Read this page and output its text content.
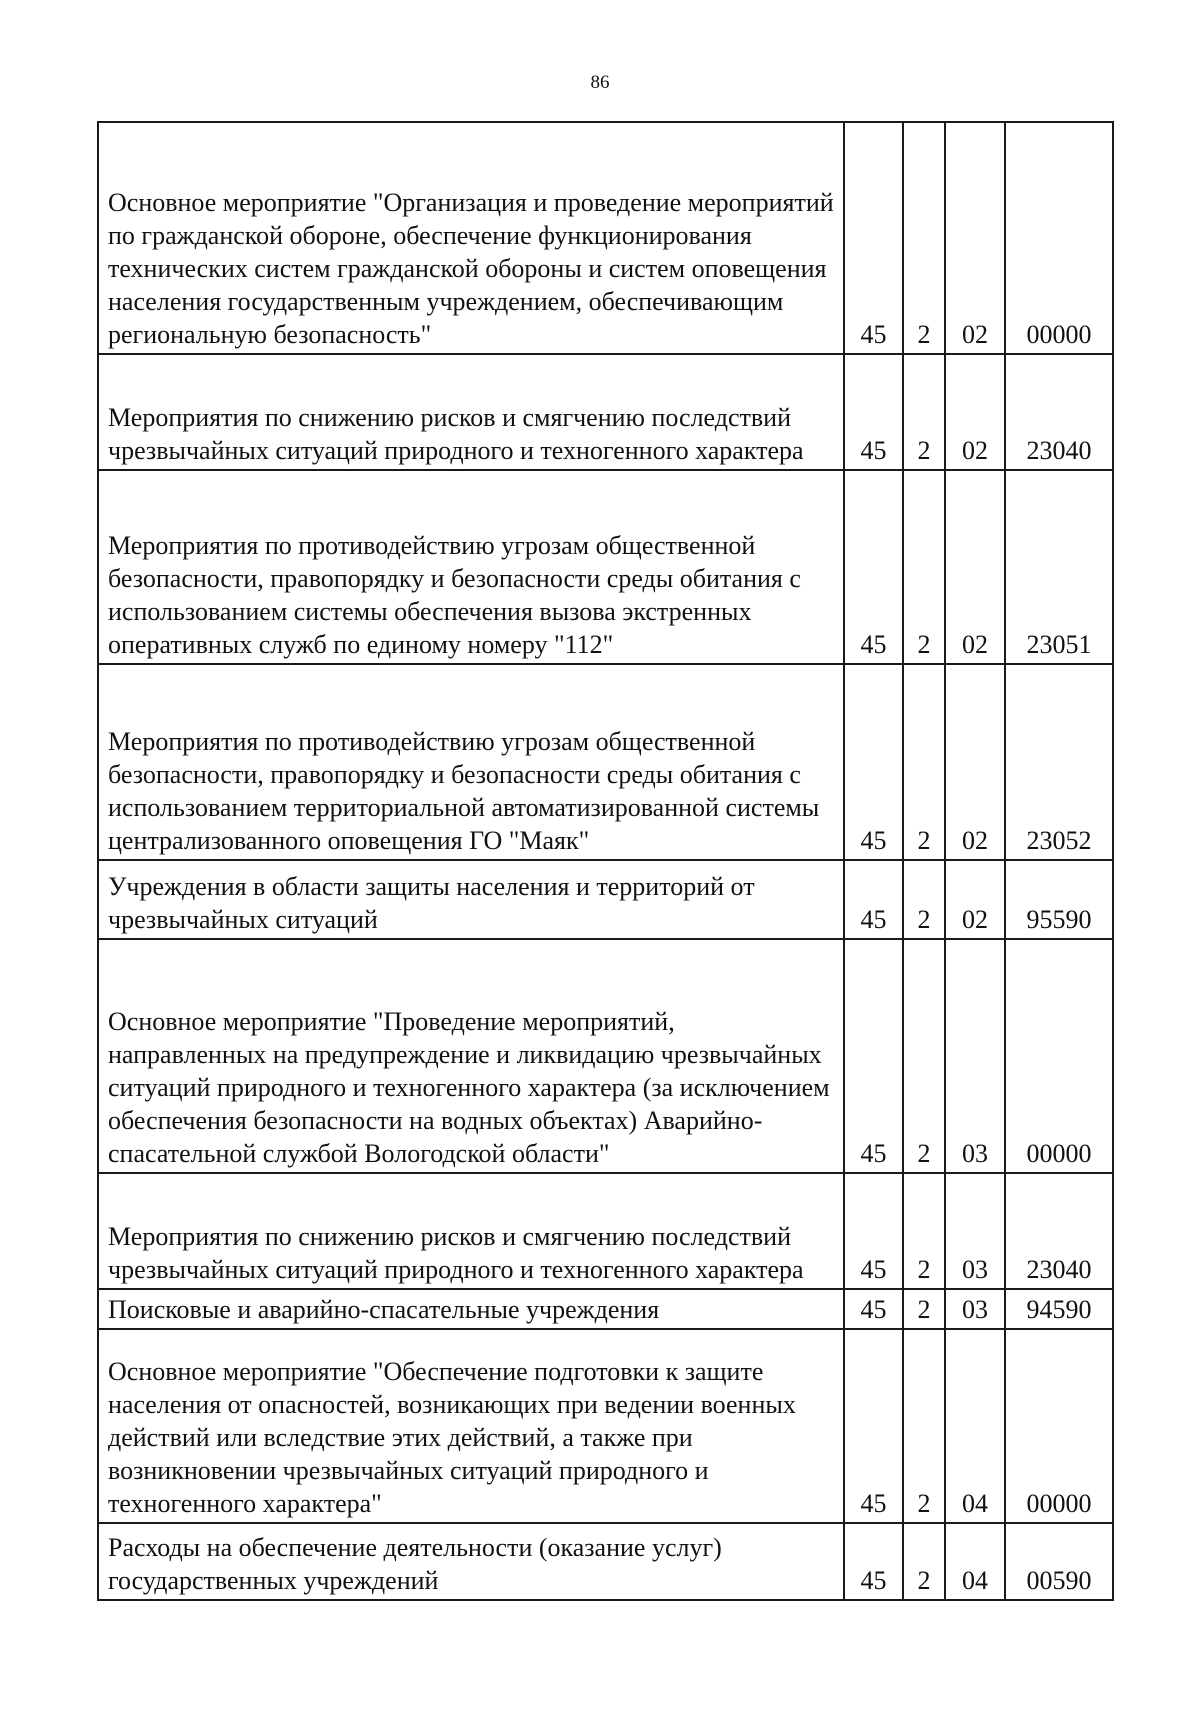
86
Основное мероприятие "Организация и проведение мероприятий по гражданской обороне, обеспечение функционирования технических систем гражданской обороны и систем оповещения населения государственным учреждением, обеспечивающим региональную безопасность"	45	2	02	00000

Мероприятия по снижению рисков и смягчению последствий чрезвычайных ситуаций природного и техногенного характера	45	2	02	23040

Мероприятия по противодействию угрозам общественной безопасности, правопорядку и безопасности среды обитания с использованием системы обеспечения вызова экстренных оперативных служб по единому номеру "112"	45	2	02	23051

Мероприятия по противодействию угрозам общественной безопасности, правопорядку и безопасности среды обитания с использованием территориальной автоматизированной системы централизованного оповещения ГО "Маяк"	45	2	02	23052

Учреждения в области защиты населения и территорий от чрезвычайных ситуаций	45	2	02	95590

Основное мероприятие "Проведение мероприятий, направленных на предупреждение и ликвидацию чрезвычайных ситуаций природного и техногенного характера (за исключением обеспечения безопасности на водных объектах) Аварийно-спасательной службой Вологодской области"	45	2	03	00000

Мероприятия по снижению рисков и смягчению последствий чрезвычайных ситуаций природного и техногенного характера	45	2	03	23040

Поисковые и аварийно-спасательные учреждения	45	2	03	94590

Основное мероприятие "Обеспечение подготовки к защите населения от опасностей, возникающих при ведении военных действий или вследствие этих действий, а также при возникновении чрезвычайных ситуаций природного и техногенного характера"	45	2	04	00000

Расходы на обеспечение деятельности (оказание услуг) государственных учреждений	45	2	04	00590
